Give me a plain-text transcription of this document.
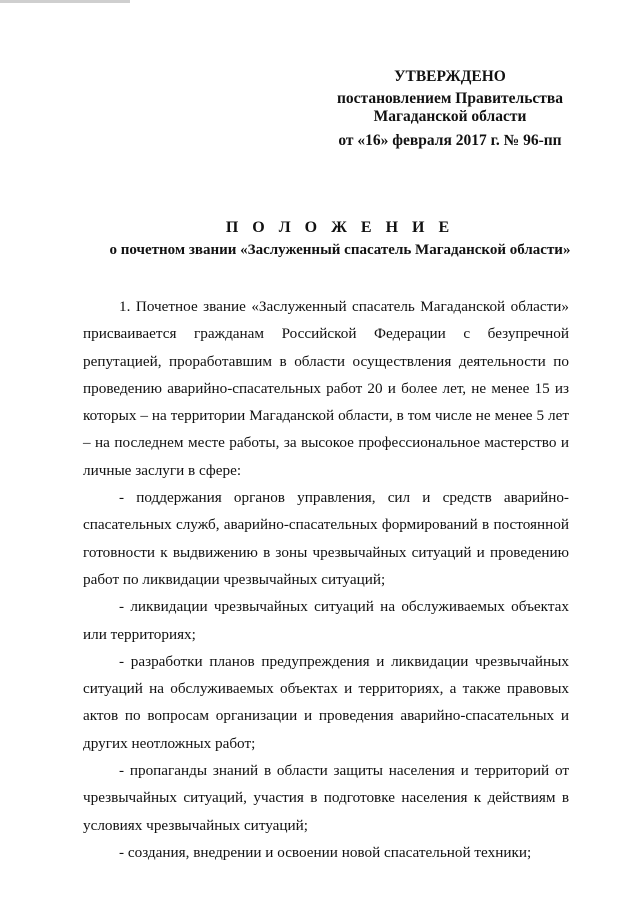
УТВЕРЖДЕНО
постановлением Правительства
Магаданской области
от «16» февраля 2017 г. № 96-пп
П О Л О Ж Е Н И Е
о почетном звании «Заслуженный спасатель Магаданской области»

1. Почетное звание «Заслуженный спасатель Магаданской области» присваивается гражданам Российской Федерации с безупречной репутацией, проработавшим в области осуществления деятельности по проведению аварийно-спасательных работ 20 и более лет, не менее 15 из которых – на территории Магаданской области, в том числе не менее 5 лет – на последнем месте работы, за высокое профессиональное мастерство и личные заслуги в сфере:

- поддержания органов управления, сил и средств аварийно-спасательных служб, аварийно-спасательных формирований в постоянной готовности к выдвижению в зоны чрезвычайных ситуаций и проведению работ по ликвидации чрезвычайных ситуаций;

- ликвидации чрезвычайных ситуаций на обслуживаемых объектах или территориях;

- разработки планов предупреждения и ликвидации чрезвычайных ситуаций на обслуживаемых объектах и территориях, а также правовых актов по вопросам организации и проведения аварийно-спасательных и других неотложных работ;

- пропаганды знаний в области защиты населения и территорий от чрезвычайных ситуаций, участия в подготовке населения к действиям в условиях чрезвычайных ситуаций;

- создания, внедрении и освоении новой спасательной техники;
